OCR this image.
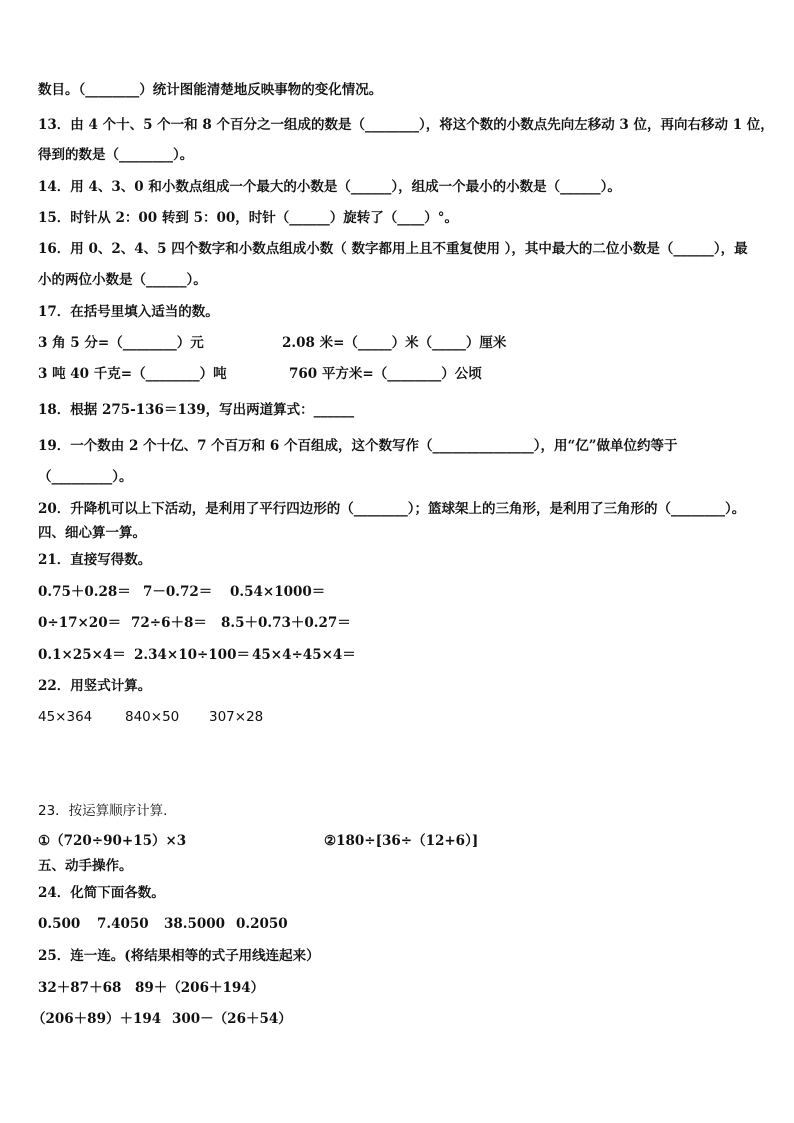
数目。（________）统计图能清楚地反映事物的变化情况。
13．由 4 个十、5 个一和 8 个百分之一组成的数是（________），将这个数的小数点先向左移动 3 位，再向右移动 1 位，
得到的数是（________）。
14．用 4、3、0 和小数点组成一个最大的小数是（______），组成一个最小的小数是（______）。
15．时针从 2：00 转到 5：00，时针（______）旋转了（____）°。
16．用 0、2、4、5 四个数字和小数点组成小数（ 数字都用上且不重复使用 ），其中最大的二位小数是（______），最
小的两位小数是（______）。
17．在括号里填入适当的数。
3 角 5 分=（________）元	2.08 米=（_____）米（_____）厘米
3 吨 40 千克=（________）吨	760 平方米=（________）公顷
18．根据 275-136＝139，写出两道算式：______
19．一个数由 2 个十亿、7 个百万和 6 个百组成，这个数写作（_______________），用“亿”做单位约等于
（_________）。
20．升降机可以上下活动，是利用了平行四边形的（________）；篮球架上的三角形，是利用了三角形的（________）。
四、细心算一算。
21．直接写得数。
0.75＋0.28＝ 7－0.72＝ 0.54×1000＝
0÷17×20＝ 72÷6＋8＝ 8.5＋0.73＋0.27＝
0.1×25×4＝ 2.34×10÷100＝ 45×4÷45×4＝
22．用竖式计算。
45×364 840×50 307×28
23．按运算顺序计算.
①（720÷90+15）×3	②180÷[36÷（12+6）]
五、动手操作。
24．化简下面各数。
0.500 7.4050 38.5000 0.2050
25．连一连。(将结果相等的式子用线连起来）
32＋87＋68 89＋（206＋194）
（206＋89）＋194 300－（26＋54）
